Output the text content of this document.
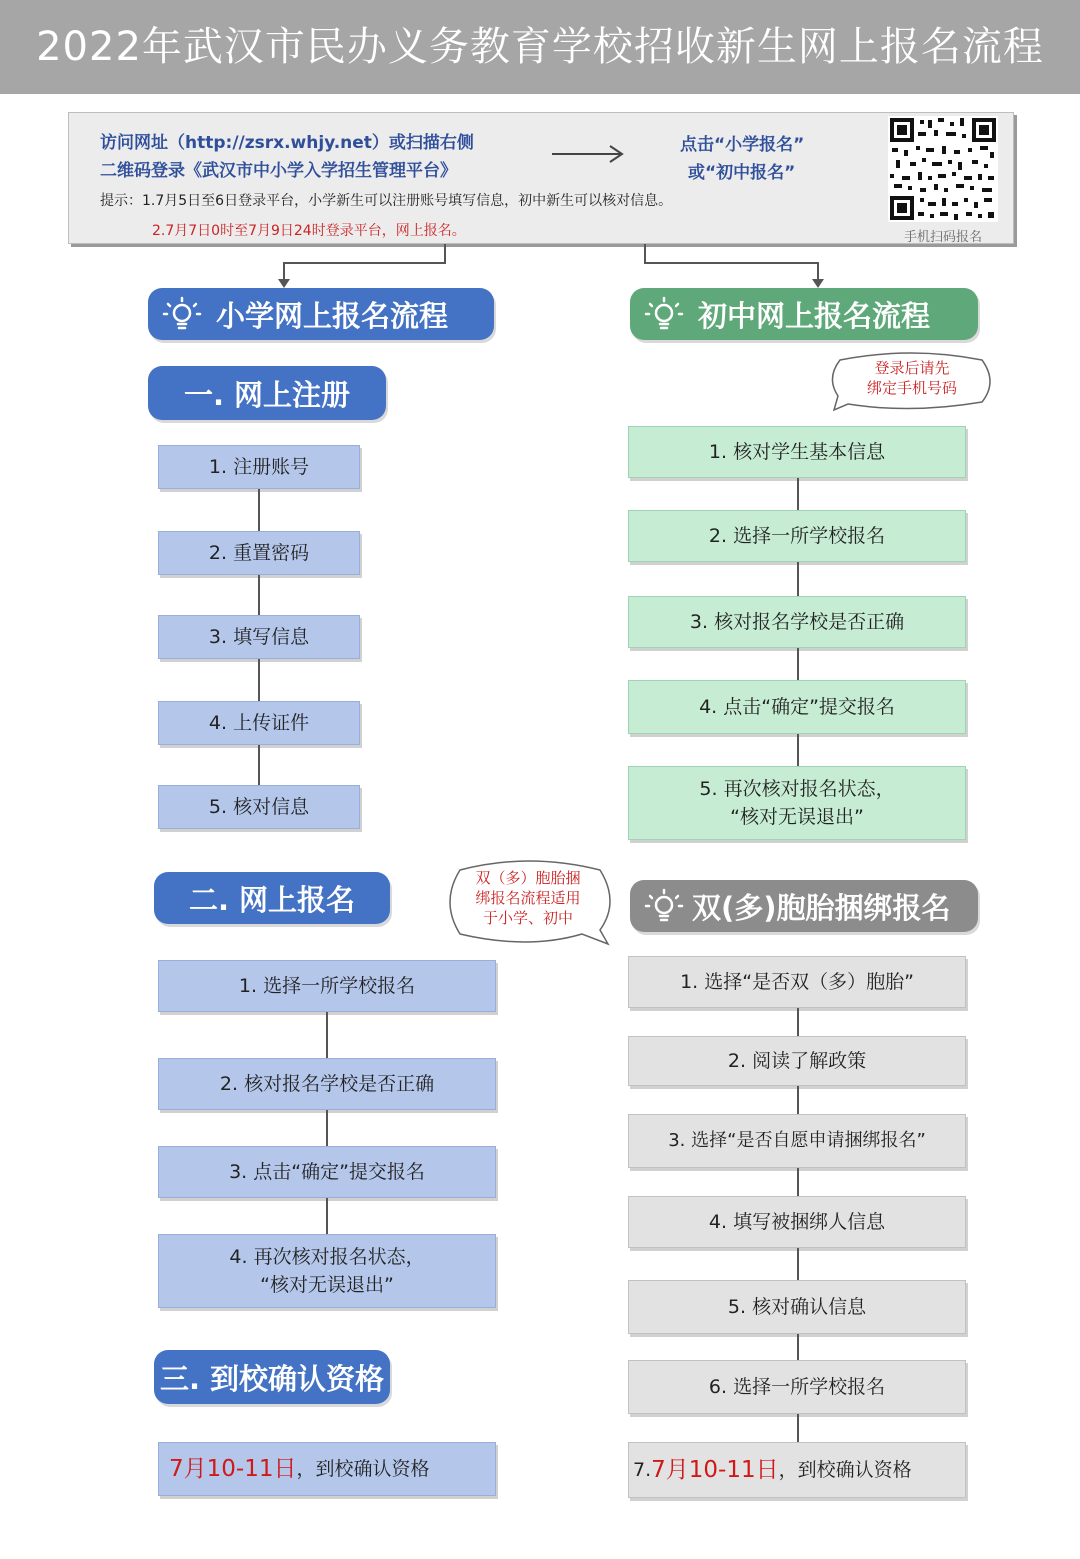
2022年武汉市民办义务教育学校招收新生网上报名流程
访问网址（http://zsrx.whjy.net）或扫描右侧
二维码登录《武汉市中小学入学招生管理平台》
点击“小学报名”
或“初中报名”
提示：1.7月5日至6日登录平台，小学新生可以注册账号填写信息，初中新生可以核对信息。
2.7月7日0时至7月9日24时登录平台，网上报名。	手机扫码报名
小学网上报名流程
一. 网上注册
1. 注册账号
2. 重置密码
3. 填写信息
4. 上传证件
5. 核对信息
二. 网上报名
1. 选择一所学校报名
2. 核对报名学校是否正确
3. 点击“确定”提交报名
4. 再次核对报名状态，
“核对无误退出”
三. 到校确认资格
7月10-11日 ，到校确认资格
双（多）胞胎捆
绑报名流程适用
于小学、初中
初中网上报名流程
登录后请先
绑定手机号码
1. 核对学生基本信息
2. 选择一所学校报名
3. 核对报名学校是否正确
4. 点击“确定”提交报名
5. 再次核对报名状态，
“核对无误退出”
双(多)胞胎捆绑报名
1. 选择“是否双（多）胞胎”
2. 阅读了解政策
3. 选择“是否自愿申请捆绑报名”
4. 填写被捆绑人信息
5. 核对确认信息
6. 选择一所学校报名
7. 7月10-11日 ，到校确认资格
